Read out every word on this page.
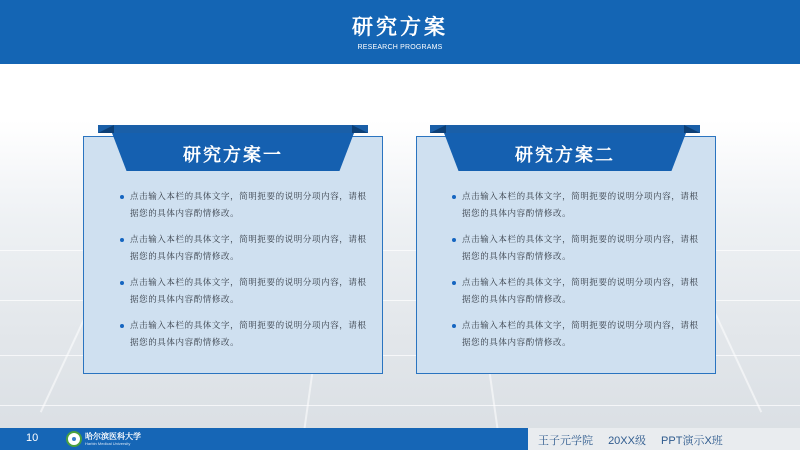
研究方案
RESEARCH PROGRAMS
研究方案一
点击输入本栏的具体文字，简明扼要的说明分项内容，请根据您的具体内容酌情修改。
点击输入本栏的具体文字，简明扼要的说明分项内容，请根据您的具体内容酌情修改。
点击输入本栏的具体文字，简明扼要的说明分项内容，请根据您的具体内容酌情修改。
点击输入本栏的具体文字，简明扼要的说明分项内容，请根据您的具体内容酌情修改。
研究方案二
点击输入本栏的具体文字，简明扼要的说明分项内容，请根据您的具体内容酌情修改。
点击输入本栏的具体文字，简明扼要的说明分项内容，请根据您的具体内容酌情修改。
点击输入本栏的具体文字，简明扼要的说明分项内容，请根据您的具体内容酌情修改。
点击输入本栏的具体文字，简明扼要的说明分项内容，请根据您的具体内容酌情修改。
10	哈尔滨医科大学
Harbin Medical University	王子元学院 20XX级 PPT演示X班
